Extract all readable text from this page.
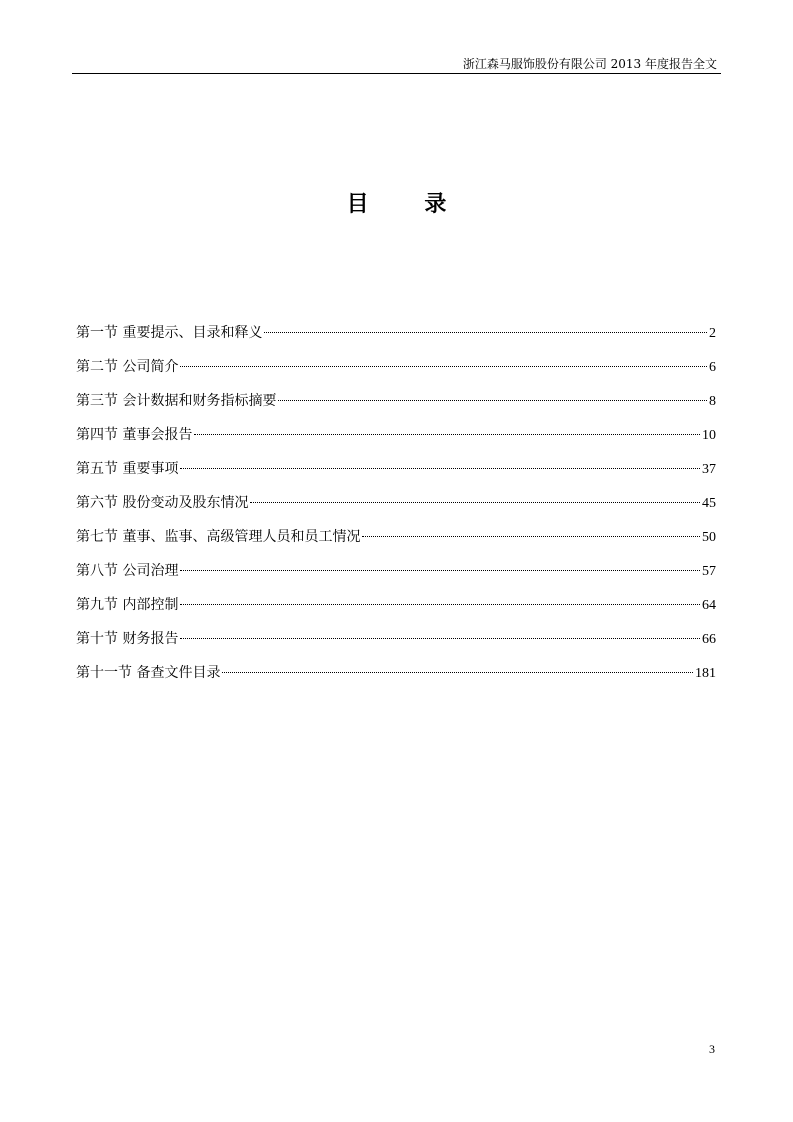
浙江森马服饰股份有限公司 2013 年度报告全文
目 录
第一节 重要提示、目录和释义	2
第二节 公司简介	6
第三节 会计数据和财务指标摘要	8
第四节 董事会报告	10
第五节 重要事项	37
第六节 股份变动及股东情况	45
第七节 董事、监事、高级管理人员和员工情况	50
第八节 公司治理	57
第九节 内部控制	64
第十节 财务报告	66
第十一节 备查文件目录	181
3
